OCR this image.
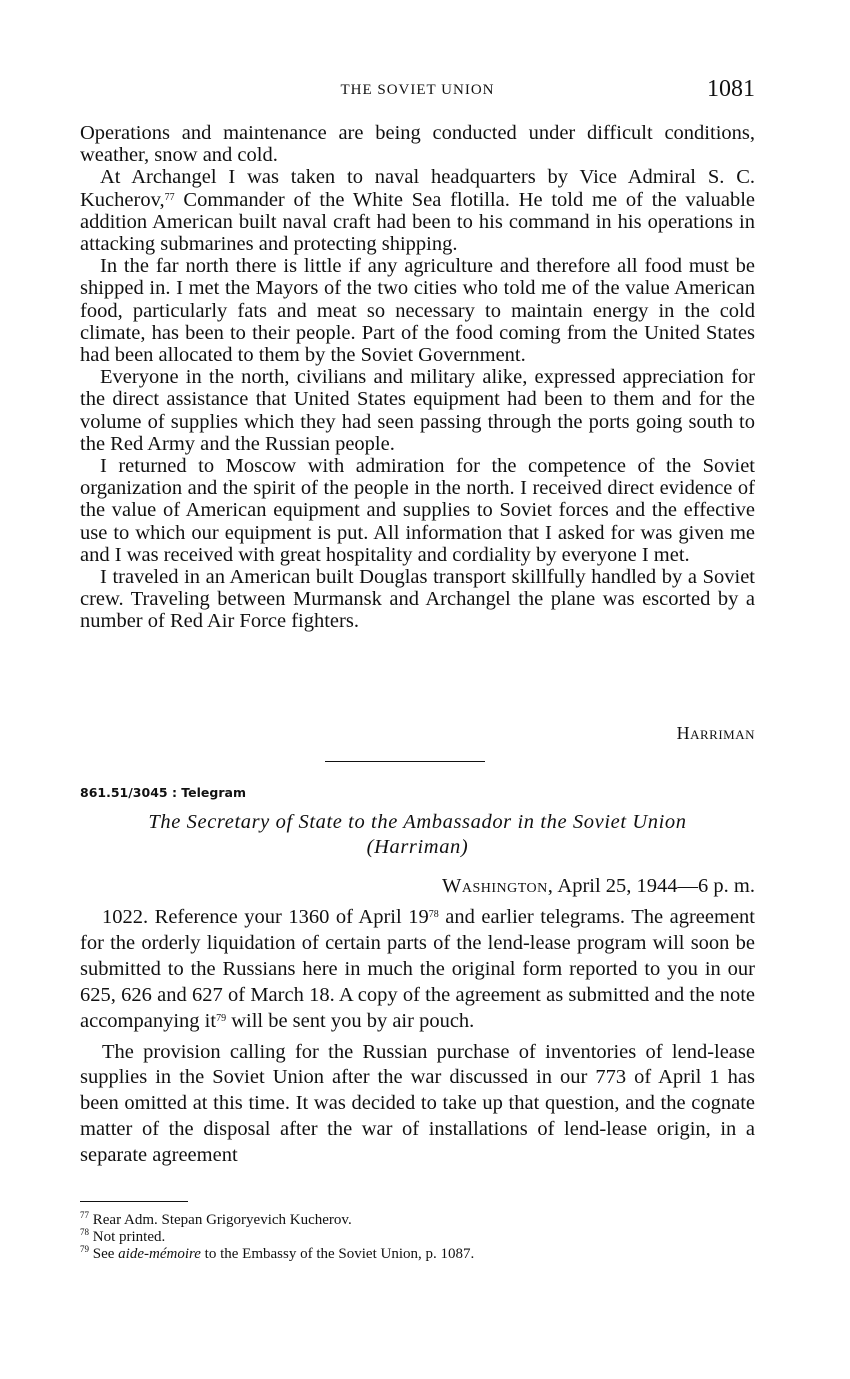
THE SOVIET UNION	1081

Operations and maintenance are being conducted under difficult conditions, weather, snow and cold.

At Archangel I was taken to naval headquarters by Vice Admiral S. C. Kucherov,$^{77}$ Commander of the White Sea flotilla. He told me of the valuable addition American built naval craft had been to his command in his operations in attacking submarines and protecting shipping.

In the far north there is little if any agriculture and therefore all food must be shipped in. I met the Mayors of the two cities who told me of the value American food, particularly fats and meat so necessary to maintain energy in the cold climate, has been to their people. Part of the food coming from the United States had been allocated to them by the Soviet Government.

Everyone in the north, civilians and military alike, expressed appreciation for the direct assistance that United States equipment had been to them and for the volume of supplies which they had seen passing through the ports going south to the Red Army and the Russian people.

I returned to Moscow with admiration for the competence of the Soviet organization and the spirit of the people in the north. I received direct evidence of the value of American equipment and supplies to Soviet forces and the effective use to which our equipment is put. All information that I asked for was given me and I was received with great hospitality and cordiality by everyone I met.

I traveled in an American built Douglas transport skillfully handled by a Soviet crew. Traveling between Murmansk and Archangel the plane was escorted by a number of Red Air Force fighters.

Harriman
861.51/3045 : Telegram
The Secretary of State to the Ambassador in the Soviet Union
(Harriman)
Washington, April 25, 1944—6 p. m.

1022. Reference your 1360 of April $19^{78}$ and earlier telegrams. The agreement for the orderly liquidation of certain parts of the lend-lease program will soon be submitted to the Russians here in much the original form reported to you in our 625, 626 and 627 of March 18. A copy of the agreement as submitted and the note accompanying $it^{79}$ will be sent you by air pouch.

The provision calling for the Russian purchase of inventories of lend-lease supplies in the Soviet Union after the war discussed in our 773 of April 1 has been omitted at this time. It was decided to take up that question, and the cognate matter of the disposal after the war of installations of lend-lease origin, in a separate agreement

$^{77}$ Rear Adm. Stepan Grigoryevich Kucherov.

$^{78}$ Not printed.

$^{79}$ See aide-mémoire to the Embassy of the Soviet Union, p. 1087.
